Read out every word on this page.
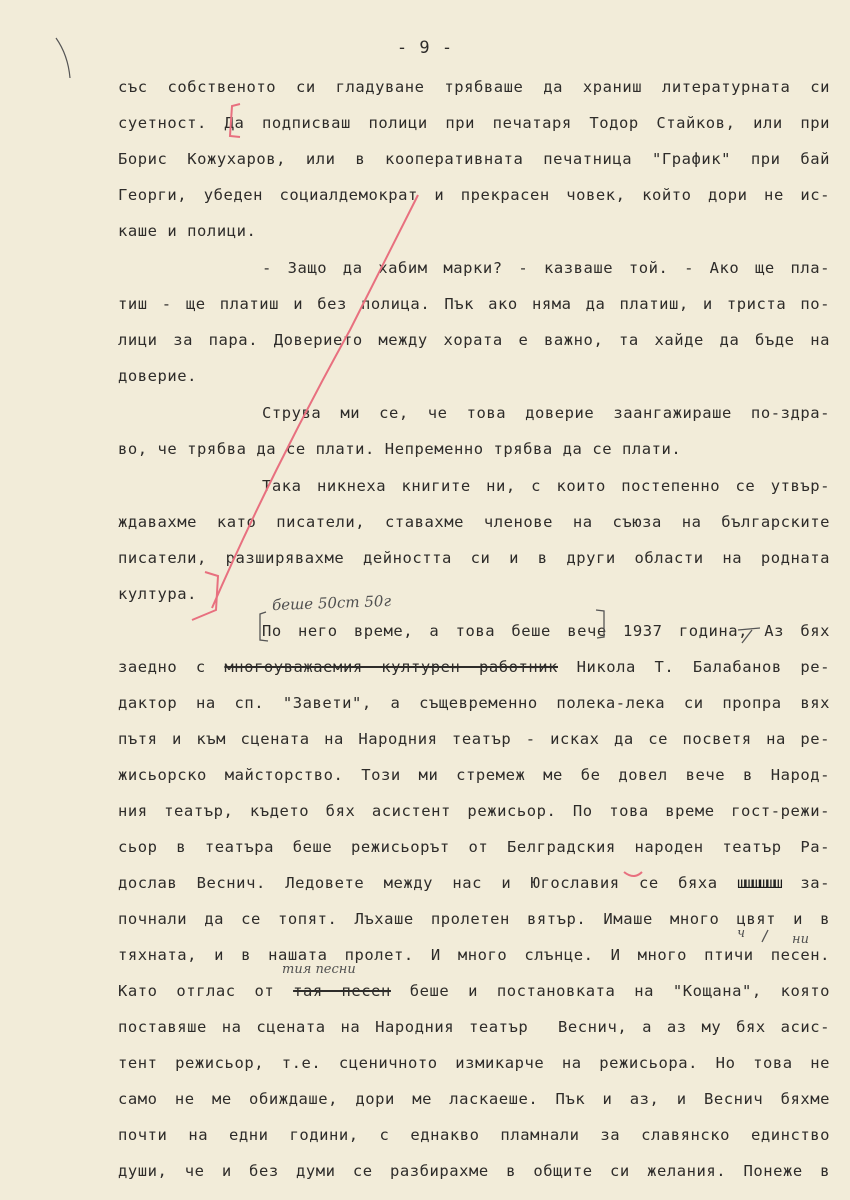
- 9 -
със собственото си гладуване трябваше да храниш литературната си
суетност. Да подписваш полици при печатаря Тодор Стайков, или при
Борис Кожухаров, или в кооперативната печатница "График" при бай
Георги, убеден социалдемократ и прекрасен човек, който дори не ис-
каше и полици.
- Защо да хабим марки? - казваше той. - Ако ще пла-
тиш - ще платиш и без полица. Пък ако няма да платиш, и триста по-
лици за пара. Доверието между хората е важно, та хайде да бъде на
доверие.
Струва ми се, че това доверие заангажираше по-здра-
во, че трябва да се плати. Непременно трябва да се плати.
Така никнеха книгите ни, с които постепенно се утвър-
ждавахме като писатели, ставахме членове на съюза на българските
писатели, разширявахме дейността си и в други области на родната
култура.
По него време, а това беше вече 1937 година, Аз бях
заедно с многоуважаемия културен работник Никола Т. Балабанов ре-
дактор на сп. "Завети", а същевременно полека-лека си пропра вях
пътя и към сцената на Народния театър - исках да се посветя на ре-
жисьорско майсторство. Този ми стремеж ме бе довел вече в Народ-
ния театър, където бях асистент режисьор. По това време гост-режи-
сьор в театъра беше режисьорът от Белградския народен театър Ра-
дослав Веснич. Ледовете между нас и Югославия се бяха шшшшшш за-
почнали да се топят. Лъхаше пролетен вятър. Имаше много цвят и в
тяхната, и в нашата пролет. И много слънце. И много птичи песен.
Като отглас от тая песен беше и постановката на "Кощана", която
поставяше на сцената на Народния театър  Веснич, а аз му бях асис-
тент режисьор, т.е. сценичното измикарче на режисьора. Но това не
само не ме обиждаше, дори ме ласкаеше. Пък и аз, и Веснич бяхме
почти на едни години, с еднакво пламнали за славянско единство
души, че и без думи се разбирахме в общите си желания. Понеже в
беше 50ст 50г
ч	ни
тия песни
